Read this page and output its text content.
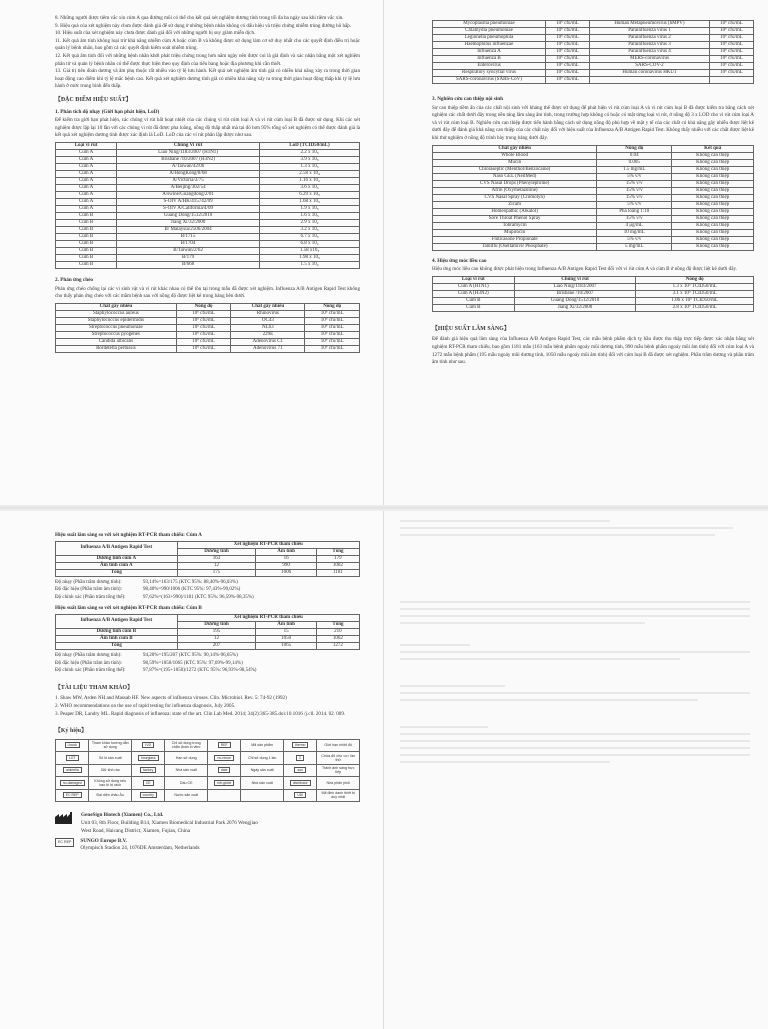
8. Những người được tiêm vắc xin cúm A qua đường mũi có thể cho kết quả xét nghiệm dương tính trong tối đa ba ngày sau khi tiêm vắc xin.

9. Hiệu quả của xét nghiệm này chưa được đánh giá để sử dụng ở những bệnh nhân không có dấu hiệu và triệu chứng nhiễm trùng đường hô hấp.

10. Hiệu suất của xét nghiệm này chưa được đánh giá đối với những người bị suy giảm miễn dịch.

11. Kết quả âm tính không loại trừ khả năng nhiễm cúm A hoặc cúm B và không được sử dụng làm cơ sở duy nhất cho các quyết định điều trị hoặc quản lý bệnh nhân, bao gồm cả các quyết định kiểm soát nhiễm trùng.

12. Kết quả âm tính đối với những bệnh nhân khởi phát triệu chứng trong hơn năm ngày nên được coi là giả định và xác nhận bằng một xét nghiệm phân tử và quản lý bệnh nhân có thể được thực hiện theo quy định của tiểu bang hoặc địa phương khi cần thiết.

13. Giá trị tiên đoán dương và âm phụ thuộc rất nhiều vào tỷ lệ lưu hành. Kết quả xét nghiệm âm tính giả có nhiều khả năng xảy ra trong thời gian hoạt động cao điểm khi tỷ lệ mắc bệnh cao. Kết quả xét nghiệm dương tính giả có nhiều khả năng xảy ra trong thời gian hoạt động thấp khi tỷ lệ lưu hành ở mức trung bình đến thấp.

【ĐẶC ĐIỂM HIỆU SUẤT】
1. Phân tích độ nhạy (Giới hạn phát hiện, LoD)

Để kiểm tra giới hạn phát hiện, các chủng vi rút bất hoạt nhiệt của các chủng vi rút cúm loại A và vi rút cúm loại B đã được sử dụng. Khi các xét nghiệm được lặp lại 10 lần với các chủng vi rút đã được pha loãng, nồng độ thấp nhất mà tại đó hơn 95% tổng số xét nghiệm có thể được đánh giá là kết quả xét nghiệm dương tính được xác định là LoD. LoD của các vi rút phân lập được như sau.

Loại vi rút	Chủng Vi rút	LoD (TCID50/mL)
Cúm A	Liao Ning/1183/2007 (H1N1)	2.2 x $10^3$
Cúm A	Brisbane /10/2007 (H3N2)	3.9 x $10^3$
Cúm A	A/Taiwan/42/06	1.3 x $10^3$
Cúm A	A/HongKong/8/68	2.58 x $10^4$
Cúm A	A/Victoria/3/75	1.16 x $10^2$
Cúm A	A/Beijing/302/54	3.6 x $10^3$
Cúm A	A/swine/Guangdong/2/01	6.29 x $10^3$
Cúm A	S-OIV A/HK/415742/09	1.68 x $10^3$
Cúm A	S-OIV A/California/4/09	1.9 x $10^3$
Cúm B	Guang Dong/1512/2010	1.6 x $10^3$
Cúm B	Jiang Xi/32/2000	2.9 x $10^2$
Cúm B	B/ Malaysia/2506/2004	3.2 x $10^3$
Cúm B	B/1715	6.7 x $10^3$
Cúm B	B/1704	6.8 x $10^2$
Cúm B	B/Taiwan/2/62	1.58 $x10^3$
Cúm B	B/179	1.98 x $10^3$
Cúm B	B/668	1.5 x $10^4$
2. Phản ứng chéo

Phản ứng chéo chống lại các vi sinh vật và vi rút khác nhau có thể tồn tại trong mẫu đã được xét nghiệm. Influenza A/B Antigen Rapid Test không cho thấy phản ứng chéo với các mầm bệnh sau với nồng độ được liệt kê trong bảng bên dưới.

Chất gây nhiễu	Nồng độ	Chất gây nhiễu	Nồng độ
Staphylococcus aureus	10⁶ cfu/mL	Rhinovirus	10⁶ cfu/mL
Staphylococcus epidermidis	10⁶ cfu/mL	OC43	10⁶ cfu/mL
Streptococcus pneumoniae	10⁶ cfu/mL	NL63	10⁶ cfu/mL
Streptococcus pyogenes	10⁶ cfu/mL	229E	10⁶ cfu/mL
Candida albicans	10⁶ cfu/mL	Adenovirus C1	10⁶ cfu/mL
Bordetella pertussis	10⁶ cfu/mL	Adenovirus 71	10⁶ cfu/mL
Hiệu suất lâm sàng so với xét nghiệm RT-PCR tham chiếu: Cúm A
Influenza A/B Antigen Rapid Test	Xét nghiệm RT-PCR tham chiếu		
	Dương tính	Âm tính	Tổng
Dương tính cúm A	163	16	179
Âm tính cúm A	12	990	1002
Tổng	175	1006	1181
Độ nhạy (Phần trăm dương tính):	93,14%=163/175 (KTC 95%: 88,40%-96,03%)
Độ đặc hiệu (Phần trăm âm tính):	98,40%=990/1006 (KTC 95%: 97,43%-99,02%)
Độ chính xác (Phần trăm tổng thể):	97,62%=(163+990)/1181 (KTC 95%: 96,59%-98,35%)
Hiệu suất lâm sàng so với xét nghiệm RT-PCR tham chiếu: Cúm B
Influenza A/B Antigen Rapid Test	Xét nghiệm RT-PCR tham chiếu		
	Dương tính	Âm tính	Tổng
Dương tính cúm B	195	15	210
Âm tính cúm B	12	1050	1062
Tổng	207	1065	1272
Độ nhạy (Phần trăm dương tính):	94,20%=195/207 (KTC 95%: 90,14%-96,65%)
Độ đặc hiệu (Phần trăm âm tính):	98,59%=1050/1065 (KTC 95%: 97,69%-99,14%)
Độ chính xác (Phần trăm tổng thể):	97,87%=(195+1050)/1272 (KTC 95%: 96,93%-98,54%)
【TÀI LIỆU THAM KHẢO】

1. Shaw MW, Arden NH and Massab HF. New aspects of influenza viruses. Clin. Microbiol. Rev. 5: 74-92 (1992)

2. WHO recommendations on the use of rapid testing for influenza diagnosis, July 2005.

3. Peaper DR, Landry ML. Rapid diagnosis of influenza: state of the art. Clin Lab Med. 2014; 34(2):365-385.doi:10.1016 /j.cll. 2014. 02. 009.

【Ký hiệu】
i-book	Tham khảo hướng dẫn sử dụng	IVD	Chỉ sử dụng trong chẩn đoán in vitro	REF	Mã sản phẩm	thermo	Giới hạn nhiệt độ
LOT	Số lô sản xuất	hourglass	Hạn sử dụng	no-reuse	Chỉ sử dụng 1 lần	Σ	Chứa đủ cho <n> lần thử
umbrella	Giữ khô ráo	factory	Nhà sản xuất	date	Ngày sản xuất	sun	Tránh ánh sáng trực tiếp
no-damaged	Không sử dụng nếu bao bì bị rách	CE	Dấu CE	mfr-globe	Nhà sản xuất	distributor	Nhà phân phối
EC REP	Đại diện châu Âu	country	Nước sản xuất			UDI	Mã định danh thiết bị duy nhất
GeneSign Biotech (Xiamen) Co., Ltd.
Unit 03, 8th Floor, Building B14, Xiamen Biomedical Industrial Park 2076 Wengjiao
West Road, Haicang District, Xiamen, Fujian, China
EC REP	SUNGO Europe B.V.
Olympisch Stadion 24, 1076DE Amsterdam, Netherlands
Mycoplasma pneumoniae	10⁶ cfu/mL	Human Metapneumovirus (hMPV)	10⁶ cfu/mL
Chlamydia pneumoniae	10⁶ cfu/mL	Parainfluenza virus 1	10⁶ cfu/mL
Legionella pneumophila	10⁶ cfu/mL	Parainfluenza virus 2	10⁶ cfu/mL
Haemophilus influenzae	10⁶ cfu/mL	Parainfluenza virus 3	10⁶ cfu/mL
Influenza A	10⁶ cfu/mL	Parainfluenza virus 4	10⁶ cfu/mL
Influenza B	10⁶ cfu/mL	MERS-coronavirus	10⁶ cfu/mL
Enterovirus	10⁶ cfu/mL	SARS-COV-2	10⁶ cfu/mL
Respiratory syncytial virus	10⁶ cfu/mL	Human coronavirus HKU1	10⁶ cfu/mL
SARS-coronavirus (SARS-CoV)	10⁶ cfu/mL		
3. Nghiên cứu can thiệp nội sinh

Sự can thiệp tiềm ẩn của các chất nội sinh với kháng thể được sử dụng để phát hiện vi rút cúm loại A và vi rút cúm loại B đã được kiểm tra bằng cách xét nghiệm các chất dưới đây trong nền tảng lâm sàng âm tính, trong trường hợp không có hoặc có mặt từng loại vi rút, ở nồng độ 3 x LOD cho vi rút cúm loại A và vi rút cúm loại B. Nghiên cứu can thiệp được tiến hành bằng cách sử dụng nồng độ phù hợp về mặt y tế của các chất có khả năng gây nhiễu được liệt kê dưới đây để đánh giá khả năng can thiệp của các chất này đối với hiệu suất của Influenza A/B Antigen Rapid Test. Không thấy nhiễu với các chất được liệt kê khi thử nghiệm ở nồng độ trình bày trong bảng dưới đây.

Chất gây nhiễu	Nồng độ	Kết quả
Whole Blood	0.04	Không can thiệp
Mucin	0.005	Không can thiệp
Chloraseptic (Menthol/Benzocaine)	1.5 mg/mL	Không can thiệp
Naso GEL (NeilMed)	5% v/v	Không can thiệp
CVS Nasal Drops (Phenylephrine)	15% v/v	Không can thiệp
Afrin (Oxymetazoline)	15% v/v	Không can thiệp
CVS Nasal Spray (Cromolyn)	15% v/v	Không can thiệp
Zicam	5% v/v	Không can thiệp
Homeopathic (Alkalol)	Pha loãng 1:10	Không can thiệp
Sore Throat Phenol Spray	15% v/v	Không can thiệp
Tobramycin	4 μg/mL	Không can thiệp
Mupirocin	10 mg/mL	Không can thiệp
Fluticasone Propionate	5% v/v	Không can thiệp
Tamiflu (Oseltamivir Phosphate)	5 mg/mL	Không can thiệp
4. Hiệu ứng móc liều cao

Hiệu ứng móc liều cao không được phát hiện trong Influenza A/B Antigen Rapid Test đối với vi rút cúm A và cúm B ở nồng độ được liệt kê dưới đây.

Loại vi rút	Chủng vi rút	Nồng độ
Cúm A (H1N1)	Liao Ning/1183/2007	1.3 x 10⁵ TCID50/mL
Cúm A (H3N2)	Brisbane /10/2007	3.1 x 10⁵ TCID50/mL
Cúm B	Guang Dong/1512/2010	1.06 x 10⁵ TCID50/mL
Cúm B	Jiang Xi/32/2000	2.8 x 10⁵ TCID50/mL
【HIỆU SUẤT LÂM SÀNG】

Để đánh giá hiệu quả lâm sàng của Influenza A/B Antigen Rapid Test, các mẫu bệnh phẩm dịch tỵ hầu được thu thập trực tiếp được xác nhận bằng xét nghiệm RT-PCR tham chiếu, bao gồm 1181 mẫu (163 mẫu bệnh phẩm ngoáy mũi dương tính, 990 mẫu bệnh phẩm ngoáy mũi âm tính) đối với cúm loại A và 1272 mẫu bệnh phẩm (195 mẫu ngoáy mũi dương tính, 1050 mẫu ngoáy mũi âm tính) đối với cúm loại B đã được xét nghiệm. Phần trăm dương và phần trăm âm tính như sau.
